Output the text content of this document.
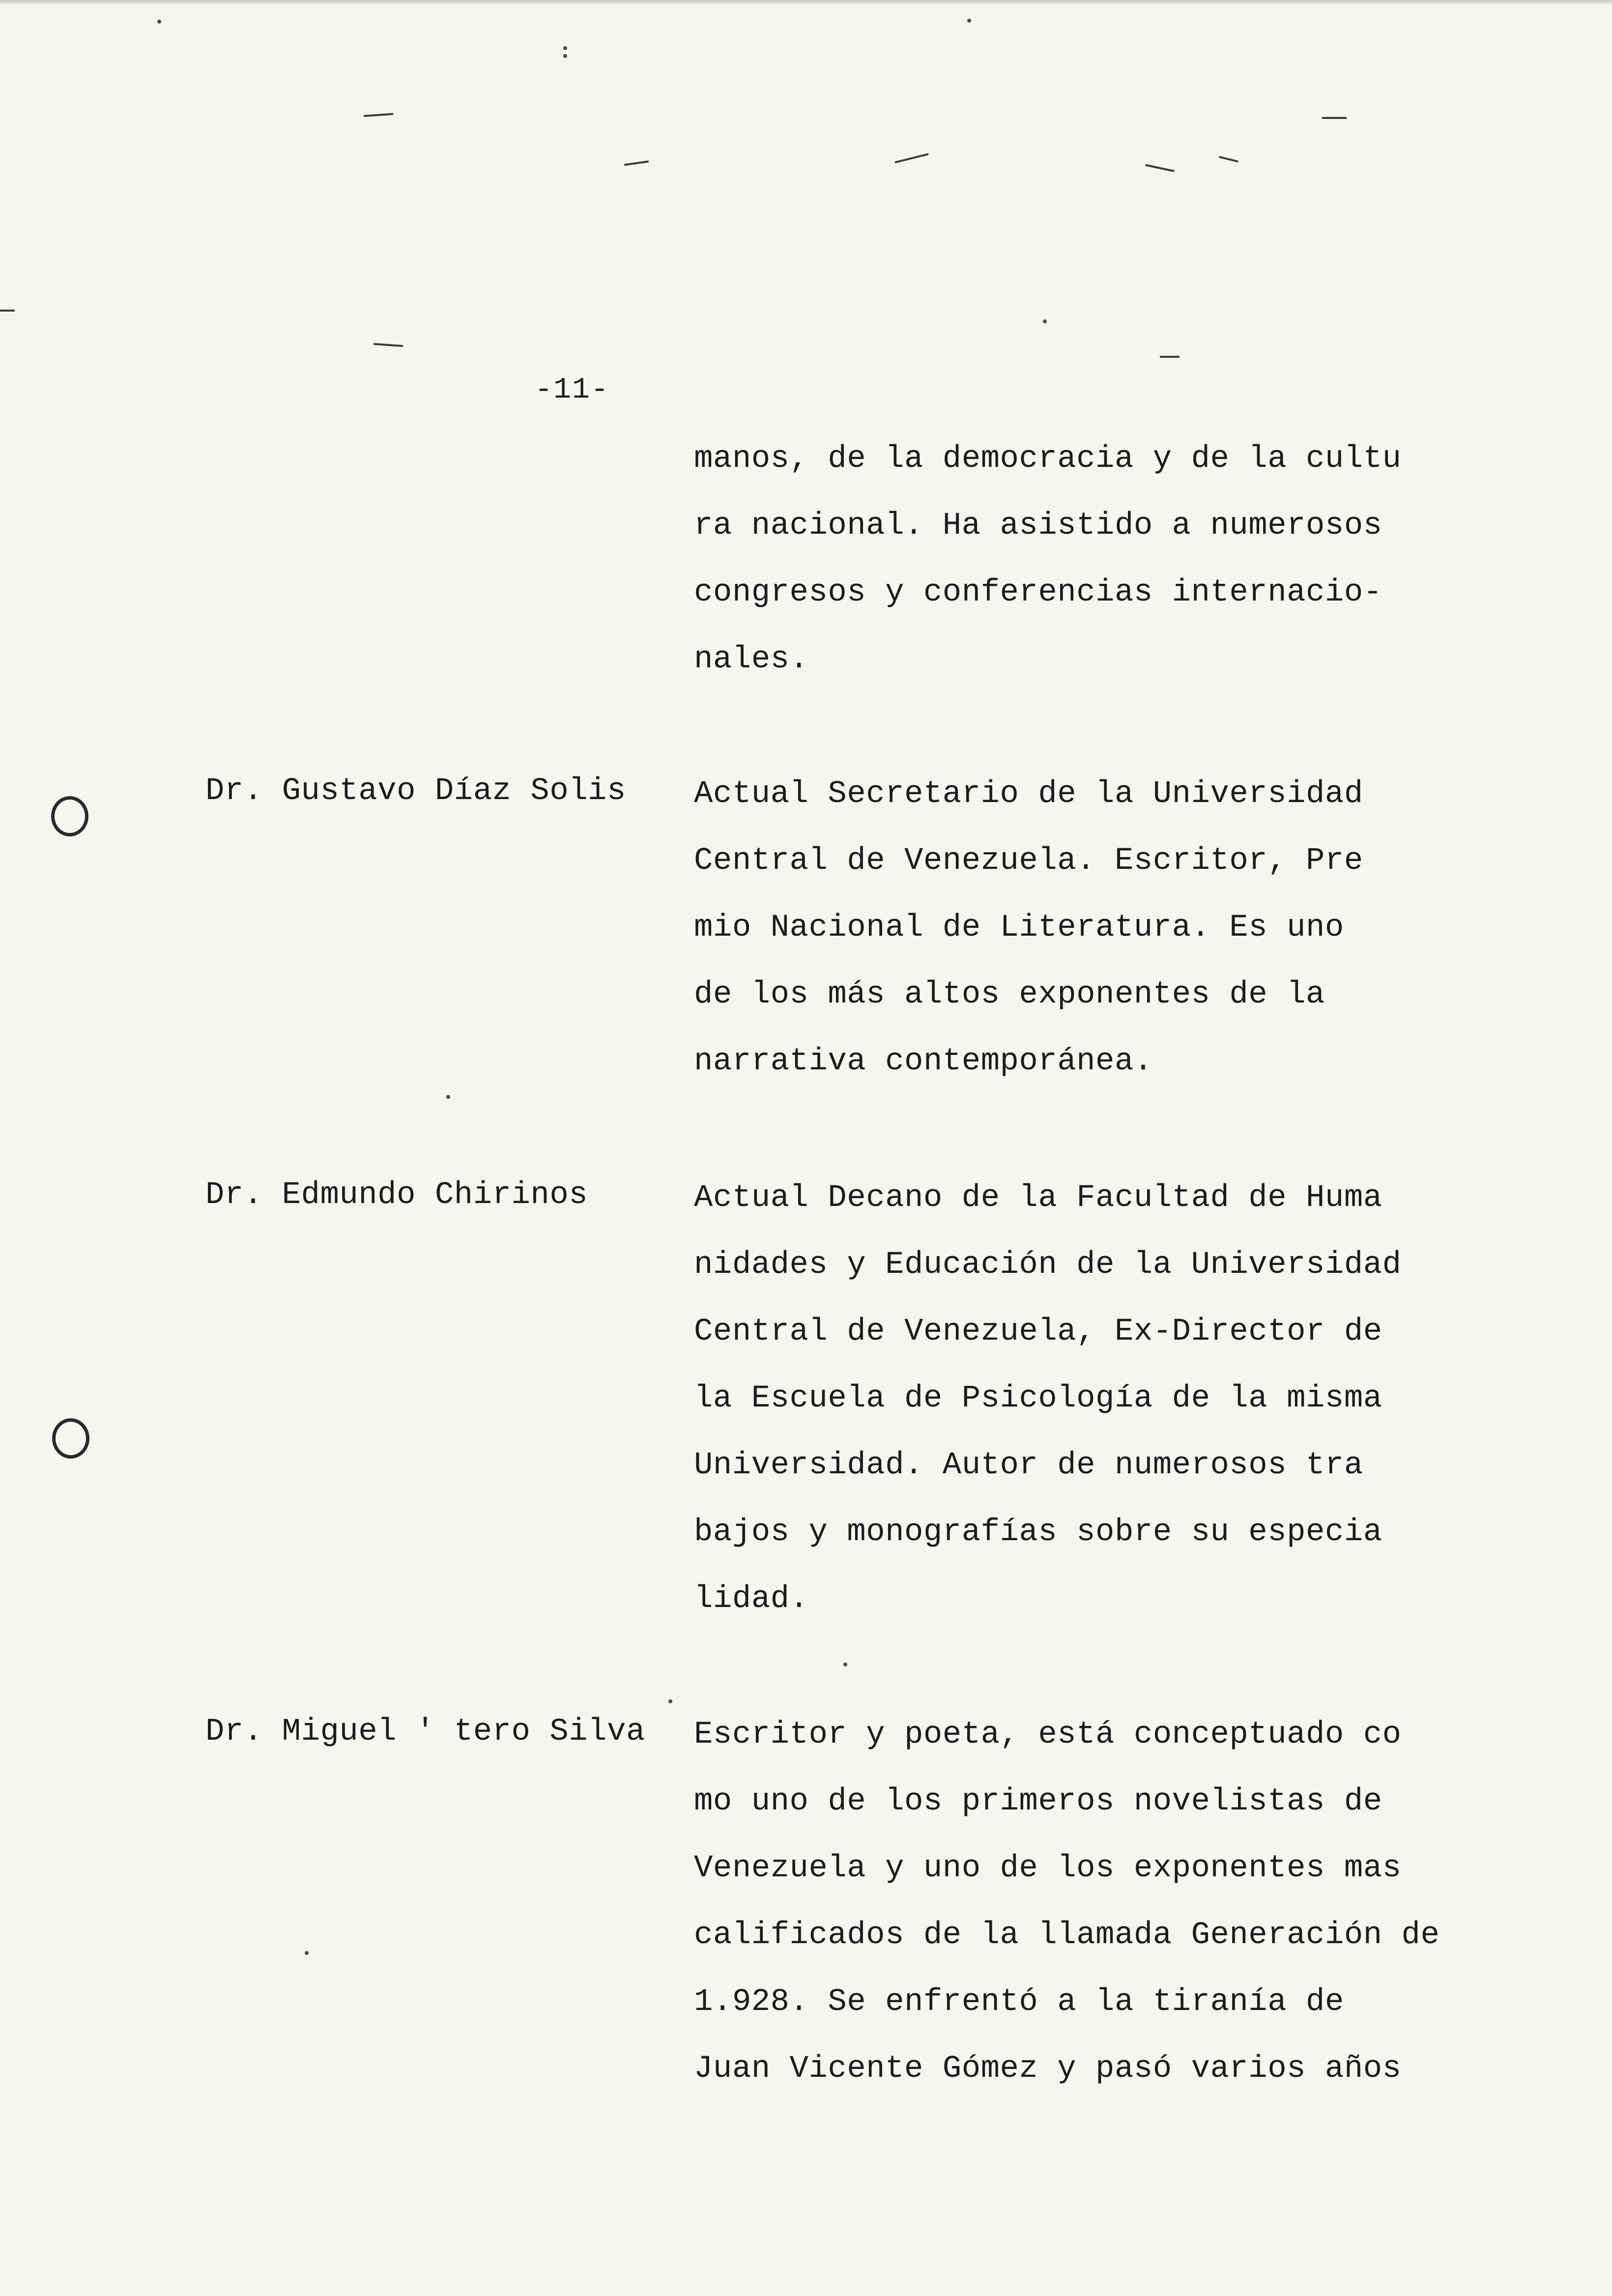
-11-

manos, de la democracia y de la cultu
ra nacional. Ha asistido a numerosos
congresos y conferencias internacio-
nales.

Dr. Gustavo Díaz Solis Actual Secretario de la Universidad
Central de Venezuela. Escritor, Pre
mio Nacional de Literatura. Es uno
de los más altos exponentes de la
narrativa contemporánea.

Dr. Edmundo Chirinos	Actual Decano de la Facultad de Huma
nidades y Educación de la Universidad
Central de Venezuela, Ex-Director de
la Escuela de Psicología de la misma
Universidad. Autor de numerosos tra
bajos y monografías sobre su especia
lidad.

Dr. Miguel ' tero Silva Escritor y poeta, está conceptuado co
mo uno de los primeros novelistas de
Venezuela y uno de los exponentes mas
calificados de la llamada Generación de
1.928. Se enfrentó a la tiranía de
Juan Vicente Gómez y pasó varios años
